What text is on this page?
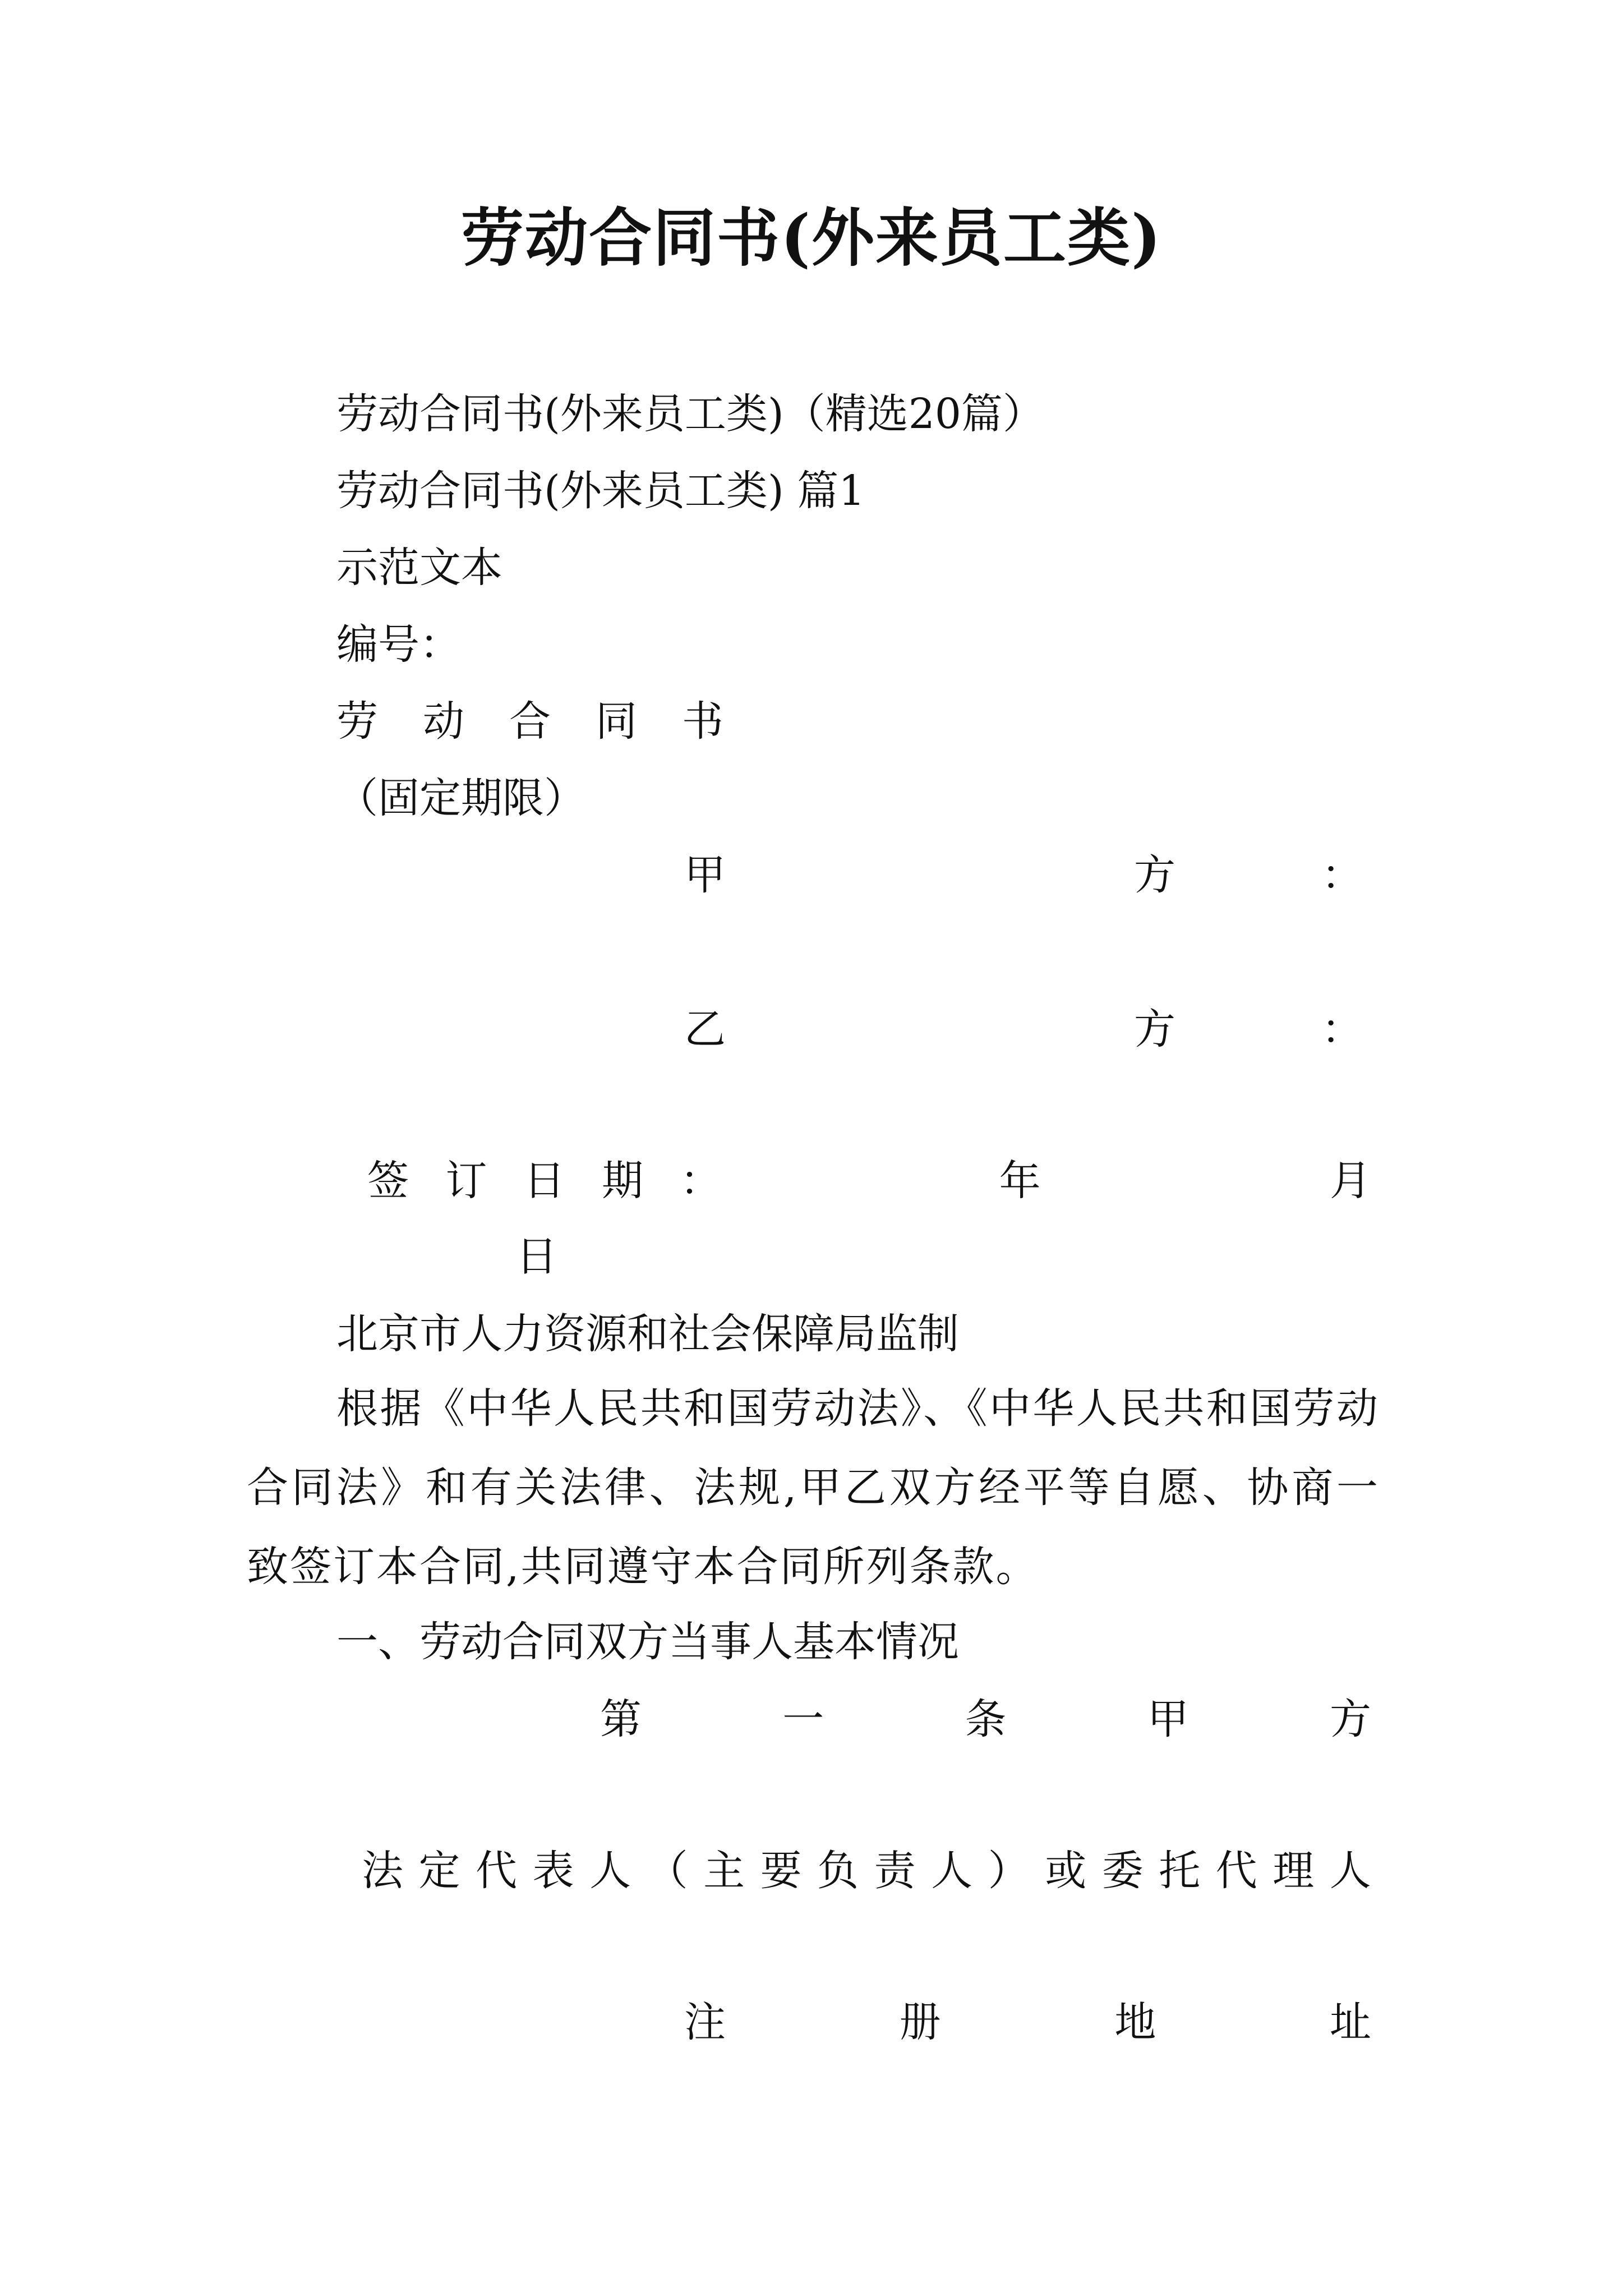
劳动合同书(外来员工类)
劳动合同书(外来员工类)（精选20篇）
劳动合同书(外来员工类) 篇1
示范文本
编号：
劳 动 合 同 书
（固定期限）
甲	方	：
乙	方	：
签 订 日 期 ：	年	月
日
北京市人力资源和社会保障局监制
根据《中华人民共和国劳动法》、《中华人民共和国劳动合同法》和有关法律、法规,甲乙双方经平等自愿、协商一致签订本合同,共同遵守本合同所列条款。
一、劳动合同双方当事人基本情况
第	一	条	甲	方
法 定 代 表 人 （ 主 要 负 责 人 ） 或 委 托 代 理 人
注	册	地	址
